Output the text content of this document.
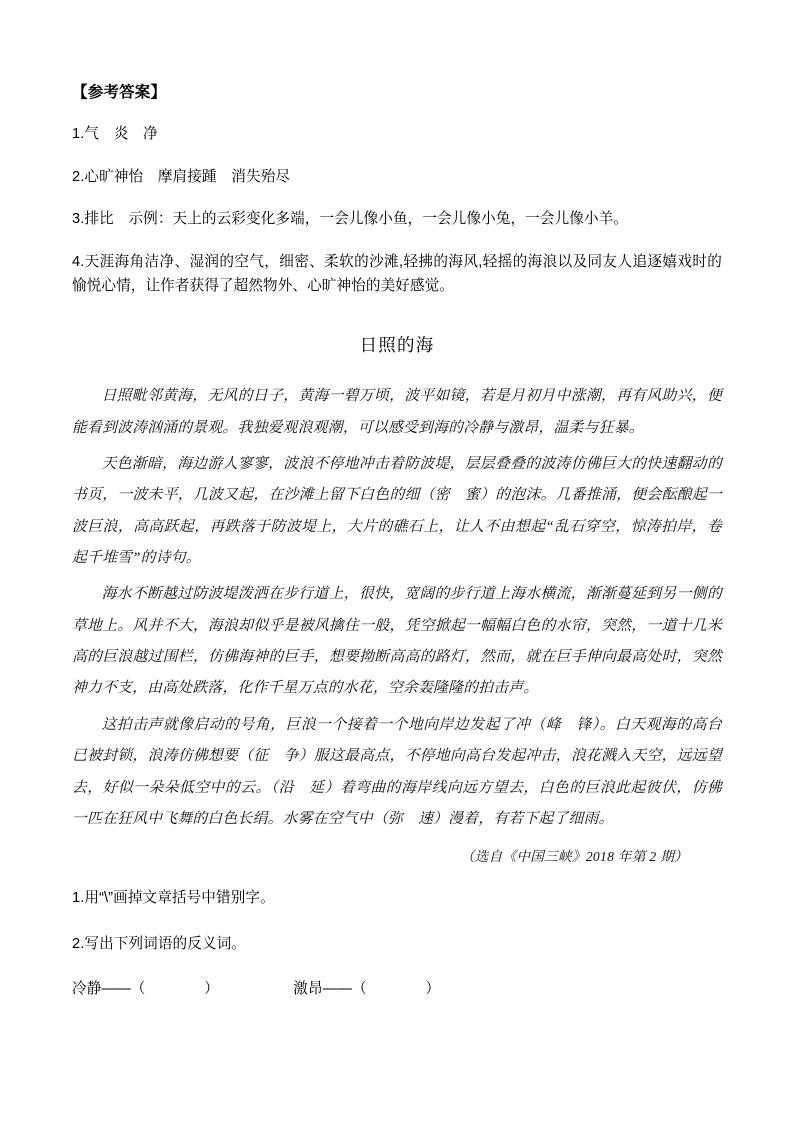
【参考答案】

1.气　炎　净

2.心旷神怡　摩肩接踵　消失殆尽

3.排比　示例：天上的云彩变化多端，一会儿像小鱼，一会儿像小兔，一会儿像小羊。

4.天涯海角洁净、湿润的空气，细密、柔软的沙滩,轻拂的海风,轻摇的海浪以及同友人追逐嬉戏时的愉悦心情，让作者获得了超然物外、心旷神怡的美好感觉。

日照的海

日照毗邻黄海，无风的日子，黄海一碧万顷，波平如镜，若是月初月中涨潮，再有风助兴，便能看到波涛汹涌的景观。我独爱观浪观潮，可以感受到海的冷静与激昂，温柔与狂暴。

天色渐暗，海边游人寥寥，波浪不停地冲击着防波堤，层层叠叠的波涛仿佛巨大的快速翻动的书页，一波未平，几波又起，在沙滩上留下白色的细（密　蜜）的泡沫。几番推涌，便会酝酿起一波巨浪，高高跃起，再跌落于防波堤上，大片的礁石上，让人不由想起“乱石穿空，惊涛拍岸，卷起千堆雪”的诗句。

海水不断越过防波堤泼洒在步行道上，很快，宽阔的步行道上海水横流，渐渐蔓延到另一侧的草地上。风并不大，海浪却似乎是被风擒住一般，凭空掀起一幅幅白色的水帘，突然，一道十几米高的巨浪越过围栏，仿佛海神的巨手，想要拗断高高的路灯，然而，就在巨手伸向最高处时，突然神力不支，由高处跌落，化作千星万点的水花，空余轰隆隆的拍击声。

这拍击声就像启动的号角，巨浪一个接着一个地向岸边发起了冲（峰　锋）。白天观海的高台已被封锁，浪涛仿佛想要（征　争）服这最高点，不停地向高台发起冲击，浪花溅入天空，远远望去，好似一朵朵低空中的云。（沿　延）着弯曲的海岸线向远方望去，白色的巨浪此起彼伏，仿佛一匹在狂风中飞舞的白色长绢。水雾在空气中（弥　速）漫着，有若下起了细雨。

（选自《中国三峡》2018 年第 2 期）

1.用“\”画掉文章括号中错别字。

2.写出下列词语的反义词。

冷静——（　　　　）	激昂——（　　　　）
